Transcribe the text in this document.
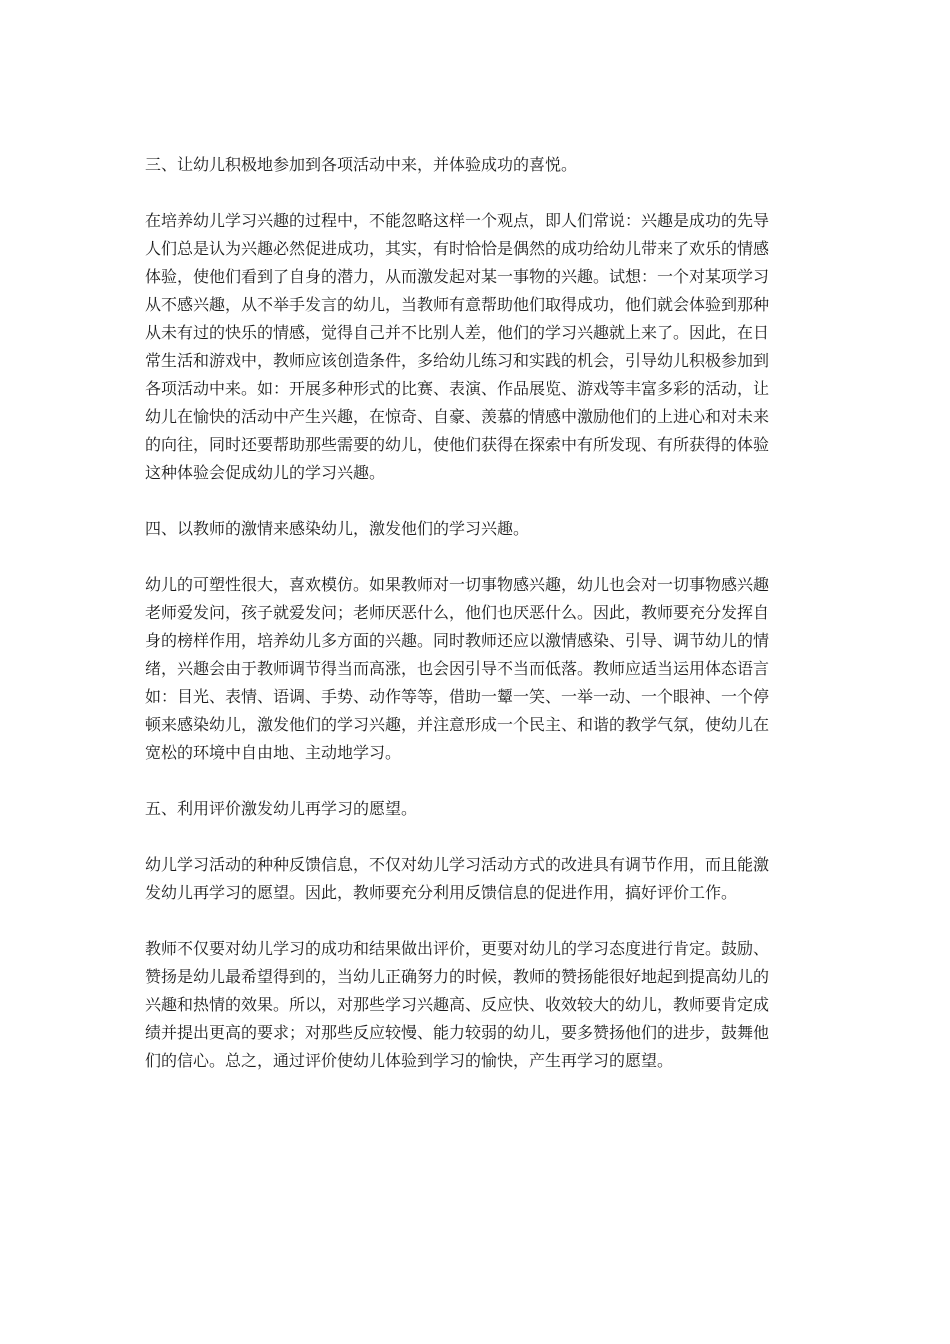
三、让幼儿积极地参加到各项活动中来，并体验成功的喜悦。
在培养幼儿学习兴趣的过程中，不能忽略这样一个观点，即人们常说：兴趣是成功的先导
人们总是认为兴趣必然促进成功，其实，有时恰恰是偶然的成功给幼儿带来了欢乐的情感
体验，使他们看到了自身的潜力，从而激发起对某一事物的兴趣。试想：一个对某项学习
从不感兴趣，从不举手发言的幼儿，当教师有意帮助他们取得成功，他们就会体验到那种
从未有过的快乐的情感，觉得自己并不比别人差，他们的学习兴趣就上来了。因此，在日
常生活和游戏中，教师应该创造条件，多给幼儿练习和实践的机会，引导幼儿积极参加到
各项活动中来。如：开展多种形式的比赛、表演、作品展览、游戏等丰富多彩的活动，让
幼儿在愉快的活动中产生兴趣，在惊奇、自豪、羡慕的情感中激励他们的上进心和对未来
的向往，同时还要帮助那些需要的幼儿，使他们获得在探索中有所发现、有所获得的体验
这种体验会促成幼儿的学习兴趣。
四、以教师的激情来感染幼儿，激发他们的学习兴趣。
幼儿的可塑性很大，喜欢模仿。如果教师对一切事物感兴趣，幼儿也会对一切事物感兴趣
老师爱发问，孩子就爱发问；老师厌恶什么，他们也厌恶什么。因此，教师要充分发挥自
身的榜样作用，培养幼儿多方面的兴趣。同时教师还应以激情感染、引导、调节幼儿的情
绪，兴趣会由于教师调节得当而高涨，也会因引导不当而低落。教师应适当运用体态语言
如：目光、表情、语调、手势、动作等等，借助一颦一笑、一举一动、一个眼神、一个停
顿来感染幼儿，激发他们的学习兴趣，并注意形成一个民主、和谐的教学气氛，使幼儿在
宽松的环境中自由地、主动地学习。
五、利用评价激发幼儿再学习的愿望。
幼儿学习活动的种种反馈信息，不仅对幼儿学习活动方式的改进具有调节作用，而且能激
发幼儿再学习的愿望。因此，教师要充分利用反馈信息的促进作用，搞好评价工作。
教师不仅要对幼儿学习的成功和结果做出评价，更要对幼儿的学习态度进行肯定。鼓励、
赞扬是幼儿最希望得到的，当幼儿正确努力的时候，教师的赞扬能很好地起到提高幼儿的
兴趣和热情的效果。所以，对那些学习兴趣高、反应快、收效较大的幼儿，教师要肯定成
绩并提出更高的要求；对那些反应较慢、能力较弱的幼儿，要多赞扬他们的进步，鼓舞他
们的信心。总之，通过评价使幼儿体验到学习的愉快，产生再学习的愿望。
